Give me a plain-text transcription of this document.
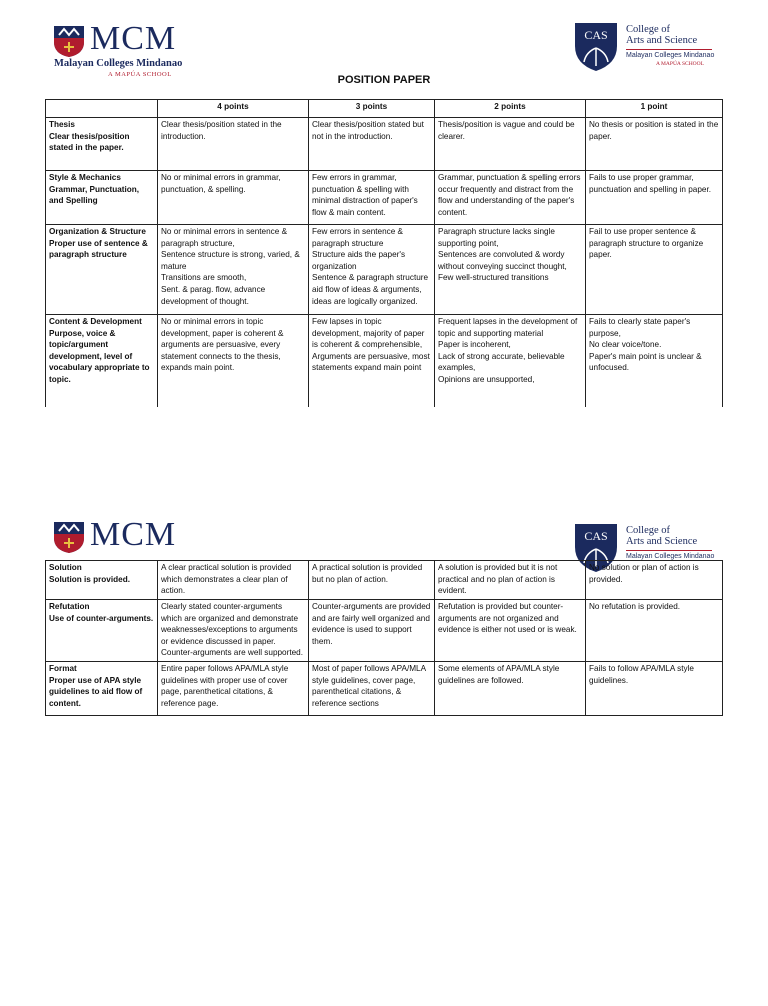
MCM
Malayan Colleges Mindanao
A MAPÚA SCHOOL
CAS College of
Arts and Science
Malayan Colleges Mindanao
A MAPÚA SCHOOL
POSITION PAPER
	4 points	3 points	2 points	1 point
Thesis
Clear thesis/position stated in the paper.	Clear thesis/position stated in the introduction.	Clear thesis/position stated but not in the introduction.	Thesis/position is vague and could be clearer.	No thesis or position is stated in the paper.
Style & Mechanics
Grammar, Punctuation, and Spelling	No or minimal errors in grammar, punctuation, & spelling.	Few errors in grammar, punctuation & spelling with minimal distraction of paper's flow & main content.	Grammar, punctuation & spelling errors occur frequently and distract from the flow and understanding of the paper's content.	Fails to use proper grammar, punctuation and spelling in paper.
Organization & Structure
Proper use of sentence & paragraph structure	No or minimal errors in sentence & paragraph structure,
Sentence structure is strong, varied, & mature
Transitions are smooth,
Sent. & parag. flow, advance development of thought.	Few errors in sentence & paragraph structure
Structure aids the paper's organization
Sentence & paragraph structure aid flow of ideas & arguments, ideas are logically organized.	Paragraph structure lacks single supporting point,
Sentences are convoluted & wordy without conveying succinct thought,
Few well-structured transitions	Fail to use proper sentence & paragraph structure to organize paper.
Content & Development
Purpose, voice & topic/argument development, level of vocabulary appropriate to topic.	No or minimal errors in topic development, paper is coherent & arguments are persuasive, every statement connects to the thesis, expands main point.	Few lapses in topic development, majority of paper is coherent & comprehensible,
Arguments are persuasive, most statements expand main point	Frequent lapses in the development of topic and supporting material
Paper is incoherent,
Lack of strong accurate, believable examples,
Opinions are unsupported,	Fails to clearly state paper's purpose,
No clear voice/tone.
Paper's main point is unclear & unfocused.
MCM	CAS College of
Arts and Science
Malayan Colleges Mindanao
Solution
Solution is provided.	A clear practical solution is provided which demonstrates a clear plan of action.	A practical solution is provided but no plan of action.	A solution is provided but it is not practical and no plan of action is evident.	No solution or plan of action is provided.
Refutation
Use of counter-arguments.	Clearly stated counter-arguments which are organized and demonstrate weaknesses/exceptions to arguments or evidence discussed in paper.
Counter-arguments are well supported.	Counter-arguments are provided and are fairly well organized and evidence is used to support them.	Refutation is provided but counter-arguments are not organized and evidence is either not used or is weak.	No refutation is provided.
Format
Proper use of APA style guidelines to aid flow of content.	Entire paper follows APA/MLA style guidelines with proper use of cover page, parenthetical citations, & reference page.	Most of paper follows APA/MLA style guidelines, cover page, parenthetical citations, & reference sections	Some elements of APA/MLA style guidelines are followed.	Fails to follow APA/MLA style guidelines.
